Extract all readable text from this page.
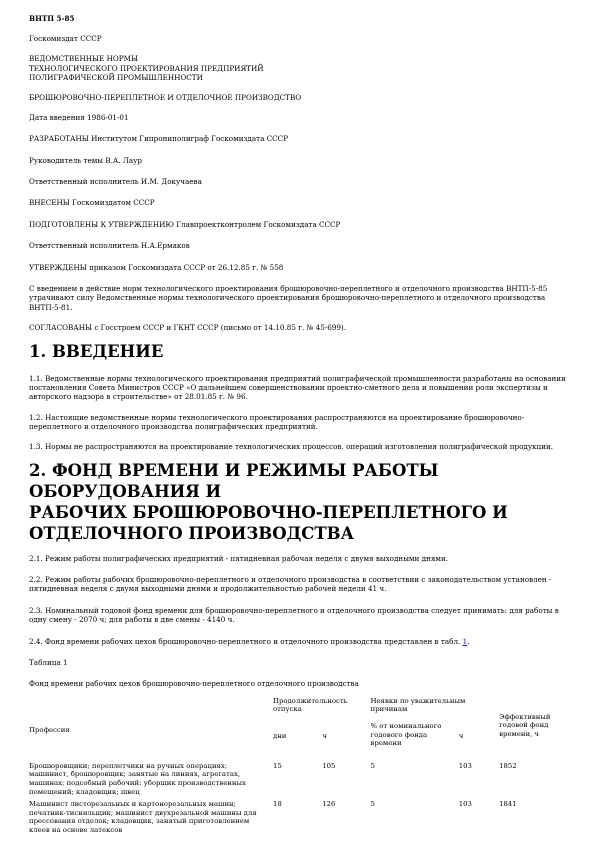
ВНТП 5-85

Госкомиздат СССР

ВЕДОМСТВЕННЫЕ НОРМЫ
ТЕХНОЛОГИЧЕСКОГО ПРОЕКТИРОВАНИЯ ПРЕДПРИЯТИЙ
ПОЛИГРАФИЧЕСКОЙ ПРОМЫШЛЕННОСТИ

БРОШЮРОВОЧНО-ПЕРЕПЛЕТНОЕ И ОТДЕЛОЧНОЕ ПРОИЗВОДСТВО

Дата введения 1986-01-01

РАЗРАБОТАНЫ Институтом Гипрониполиграф Госкомиздата СССР

Руководитель темы В.А. Лаур

Ответственный исполнитель И.М. Докучаева

ВНЕСЕНЫ Госкомиздатом СССР

ПОДГОТОВЛЕНЫ К УТВЕРЖДЕНИЮ Главпроектконтролем Госкомиздата СССР

Ответственный исполнитель Н.А.Ермаков

УТВЕРЖДЕНЫ приказом Госкомиздата СССР от 26.12.85 г. № 558

С введением в действие норм технологического проектирования брошюровочно-переплетного и отделочного производства ВНТП-5-85 утрачивают силу Ведомственные нормы технологического проектирования брошюровочно-переплетного и отделочного производства ВНТП-5-81.

СОГЛАСОВАНЫ с Госстроем СССР и ГКНТ СССР (письмо от 14.10.85 г. № 45-699).

1. ВВЕДЕНИЕ

1.1. Ведомственные нормы технологического проектирования предприятий полиграфической промышленности разработаны на основании постановления Совета Министров СССР «О дальнейшем совершенствовании проектно-сметного дела и повышении роли экспертизы и авторского надзора в строительстве» от 28.01.85 г. № 96.

1.2. Настоящие ведомственные нормы технологического проектирования распространяются на проектирование брошюровочно-переплетного и отделочного производства полиграфических предприятий.

1.3. Нормы не распространяются на проектирование технологических процессов, операций изготовления полиграфической продукции.

2. ФОНД ВРЕМЕНИ И РЕЖИМЫ РАБОТЫ ОБОРУДОВАНИЯ И
РАБОЧИХ БРОШЮРОВОЧНО-ПЕРЕПЛЕТНОГО И
ОТДЕЛОЧНОГО ПРОИЗВОДСТВА

2.1. Режим работы полиграфических предприятий - пятидневная рабочая неделя с двумя выходными днями.

2.2. Режим работы рабочих брошюровочно-переплетного и отделочного производства в соответствии с законодательством установлен - пятидневная неделя с двумя выходными днями и продолжительностью рабочей недели 41 ч.

2.3. Номинальный годовой фонд времени для брошюровочно-переплетного и отделочного производства следует принимать: для работы в одну смену - 2070 ч; для работы в две смены - 4140 ч.

2.4. Фонд времени рабочих цехов брошюровочно-переплетного и отделочного производства представлен в табл. 1.

Таблица 1

Фонд времени рабочих цехов брошюровочно-переплетного отделочного производства

Профессия	Продолжительность отпуска		Неявки по уважительным причинам		Эффективный годовой фонд времени, ч
	дни	ч	% от номинального годового фонда времени	ч	
Брошюровщики; переплетчики на ручных операциях; машинист, брошюровщик; занятые на линиях, агрегатах, машинах; подсобный рабочий; уборщик производственных помещений; кладовщик; швец	15	105	5	103	1852
Машинист листорезальных и картонорезальных машин; печатник-тиснильщик; машинист двухрезальной машины для прессования отделок; кладовщик, занятый приготовлением клеев на основе латексов	18	126	5	103	1841
